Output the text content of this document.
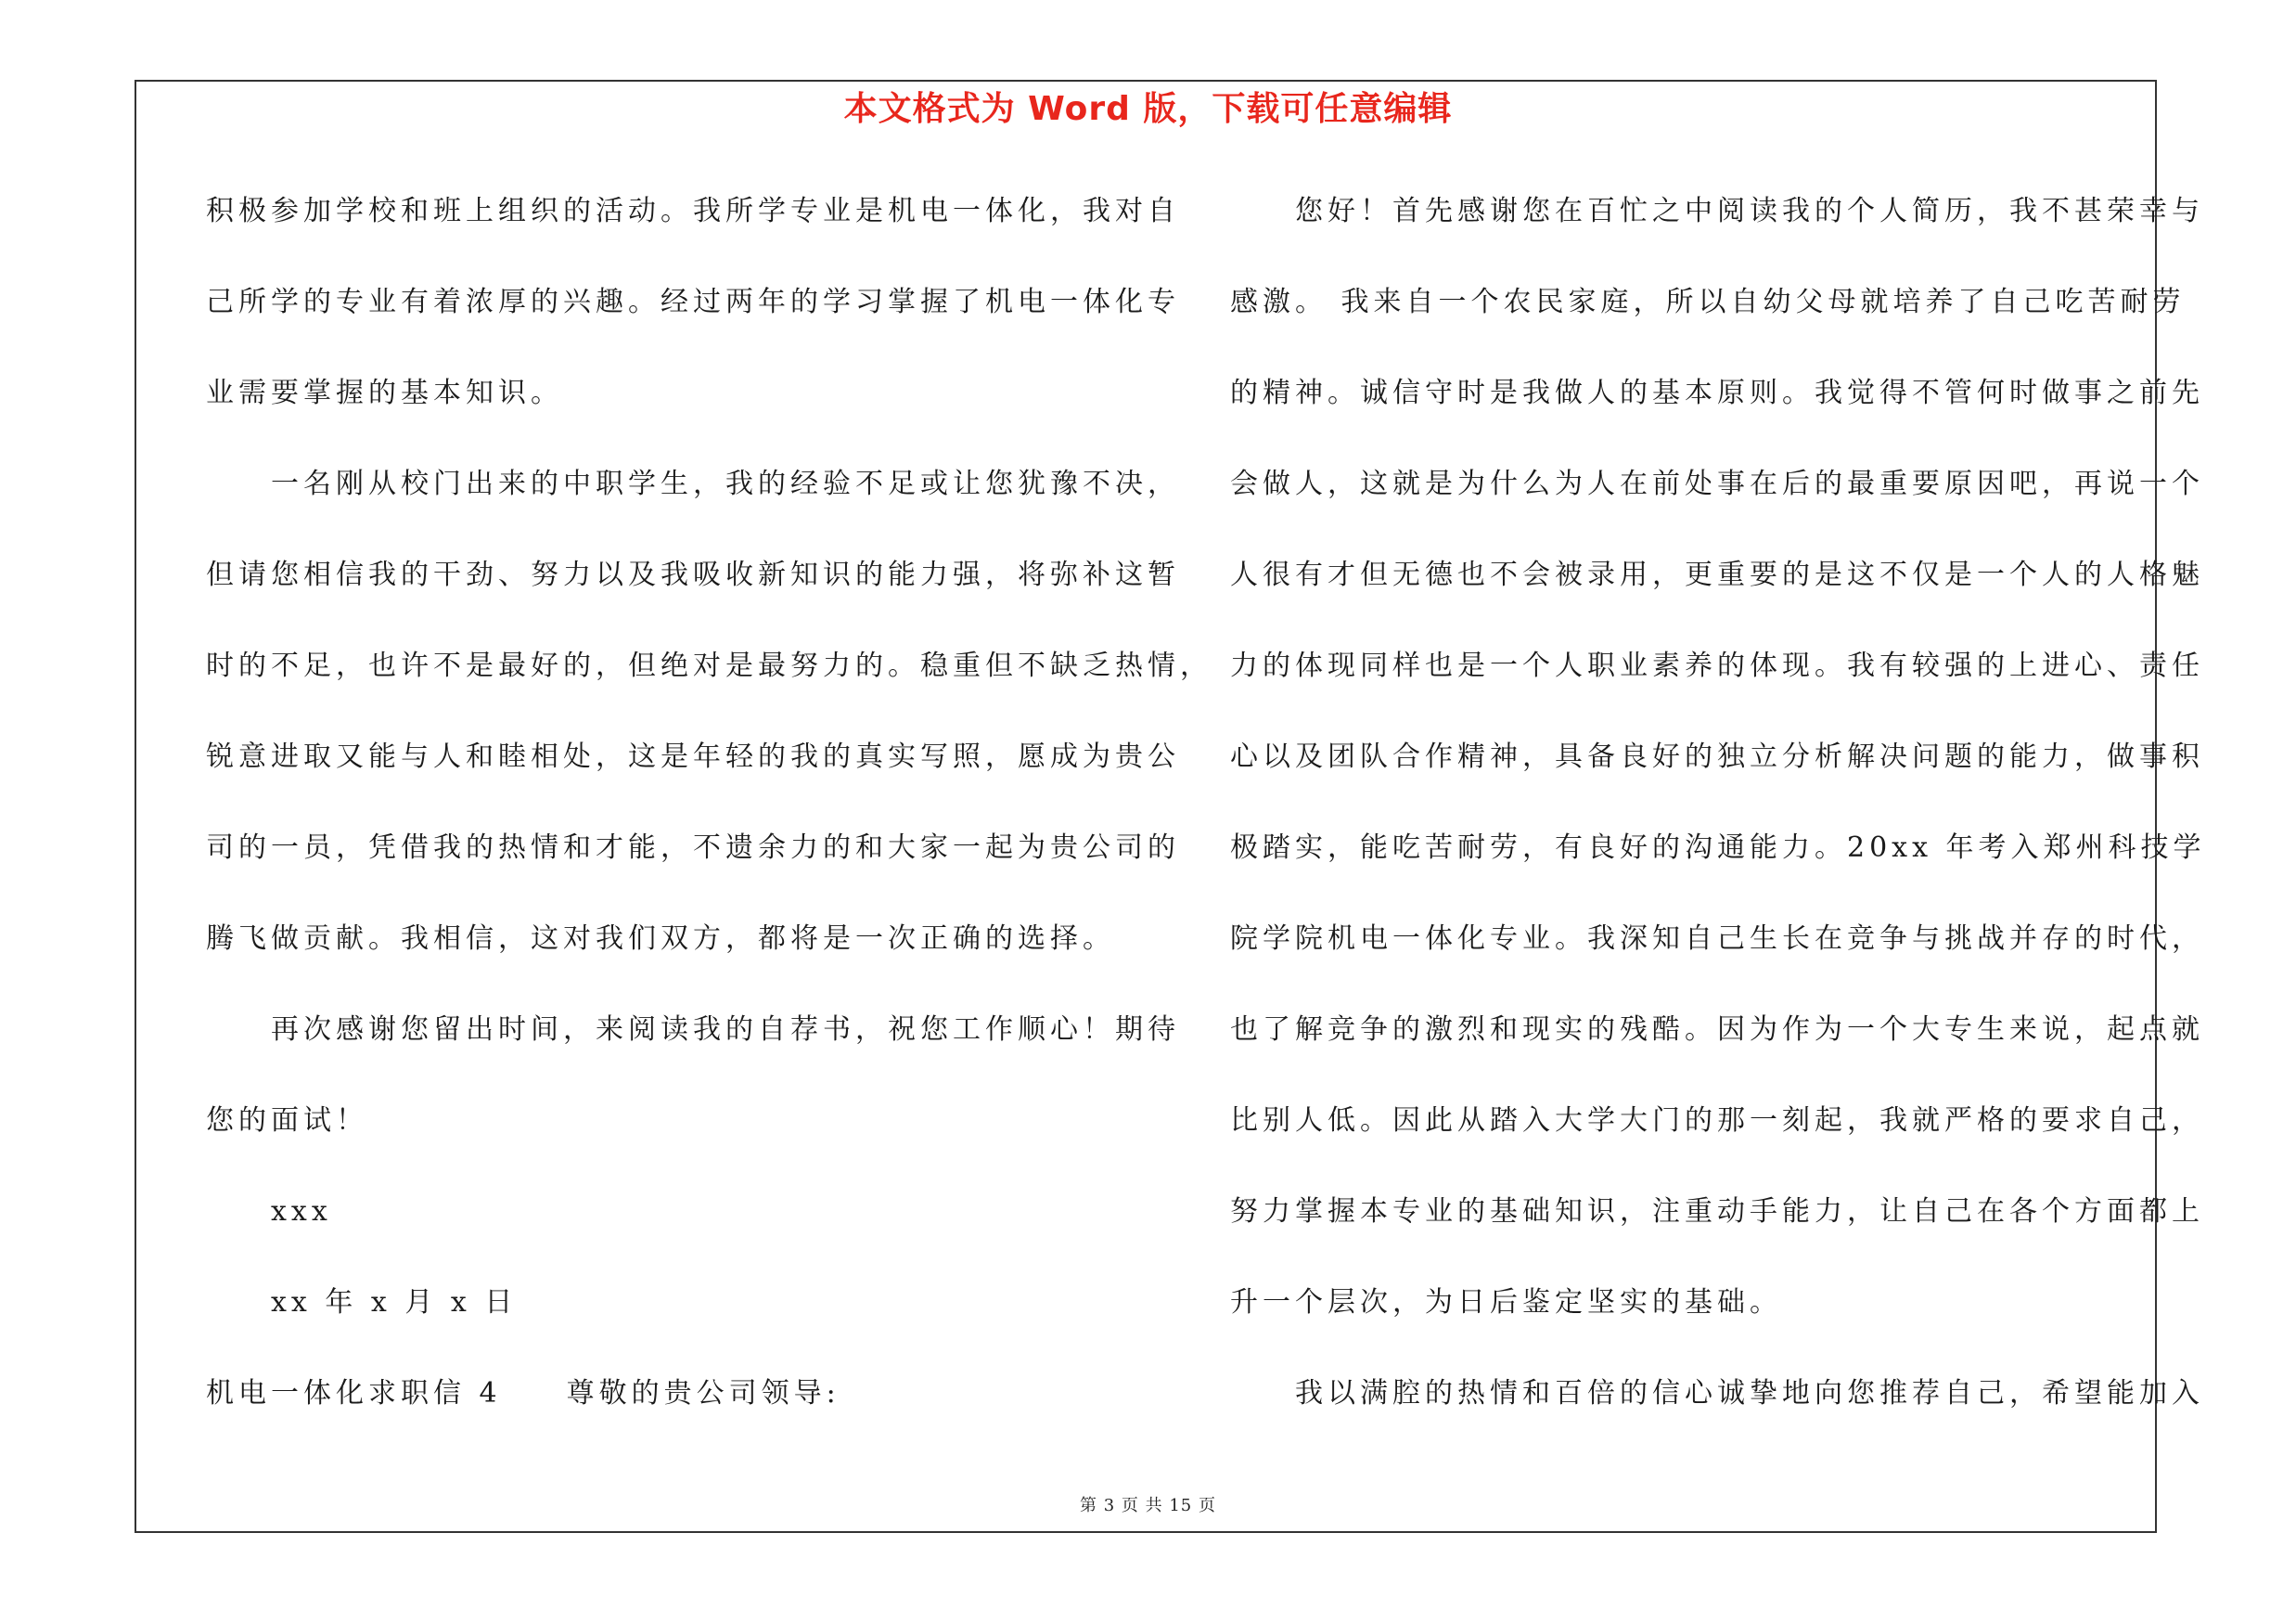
本文格式为 Word 版，下载可任意编辑
积极参加学校和班上组织的活动。我所学专业是机电一体化，我对自
己所学的专业有着浓厚的兴趣。经过两年的学习掌握了机电一体化专
业需要掌握的基本知识。
　　一名刚从校门出来的中职学生，我的经验不足或让您犹豫不决，
但请您相信我的干劲、努力以及我吸收新知识的能力强，将弥补这暂
时的不足，也许不是最好的，但绝对是最努力的。稳重但不缺乏热情，
锐意进取又能与人和睦相处，这是年轻的我的真实写照，愿成为贵公
司的一员，凭借我的热情和才能，不遗余力的和大家一起为贵公司的
腾飞做贡献。我相信，这对我们双方，都将是一次正确的选择。
　　再次感谢您留出时间，来阅读我的自荐书，祝您工作顺心！期待
您的面试！
　　xxx
　　xx 年 x 月 x 日
机电一体化求职信 4　　尊敬的贵公司领导:
　　您好！首先感谢您在百忙之中阅读我的个人简历，我不甚荣幸与
感激。 我来自一个农民家庭，所以自幼父母就培养了自己吃苦耐劳
的精神。诚信守时是我做人的基本原则。我觉得不管何时做事之前先
会做人，这就是为什么为人在前处事在后的最重要原因吧，再说一个
人很有才但无德也不会被录用，更重要的是这不仅是一个人的人格魅
力的体现同样也是一个人职业素养的体现。我有较强的上进心、责任
心以及团队合作精神，具备良好的独立分析解决问题的能力，做事积
极踏实，能吃苦耐劳，有良好的沟通能力。20xx 年考入郑州科技学
院学院机电一体化专业。我深知自己生长在竞争与挑战并存的时代，
也了解竞争的激烈和现实的残酷。因为作为一个大专生来说，起点就
比别人低。因此从踏入大学大门的那一刻起，我就严格的要求自己，
努力掌握本专业的基础知识，注重动手能力，让自己在各个方面都上
升一个层次，为日后鉴定坚实的基础。
　　我以满腔的热情和百倍的信心诚挚地向您推荐自己，希望能加入
第 3 页 共 15 页
